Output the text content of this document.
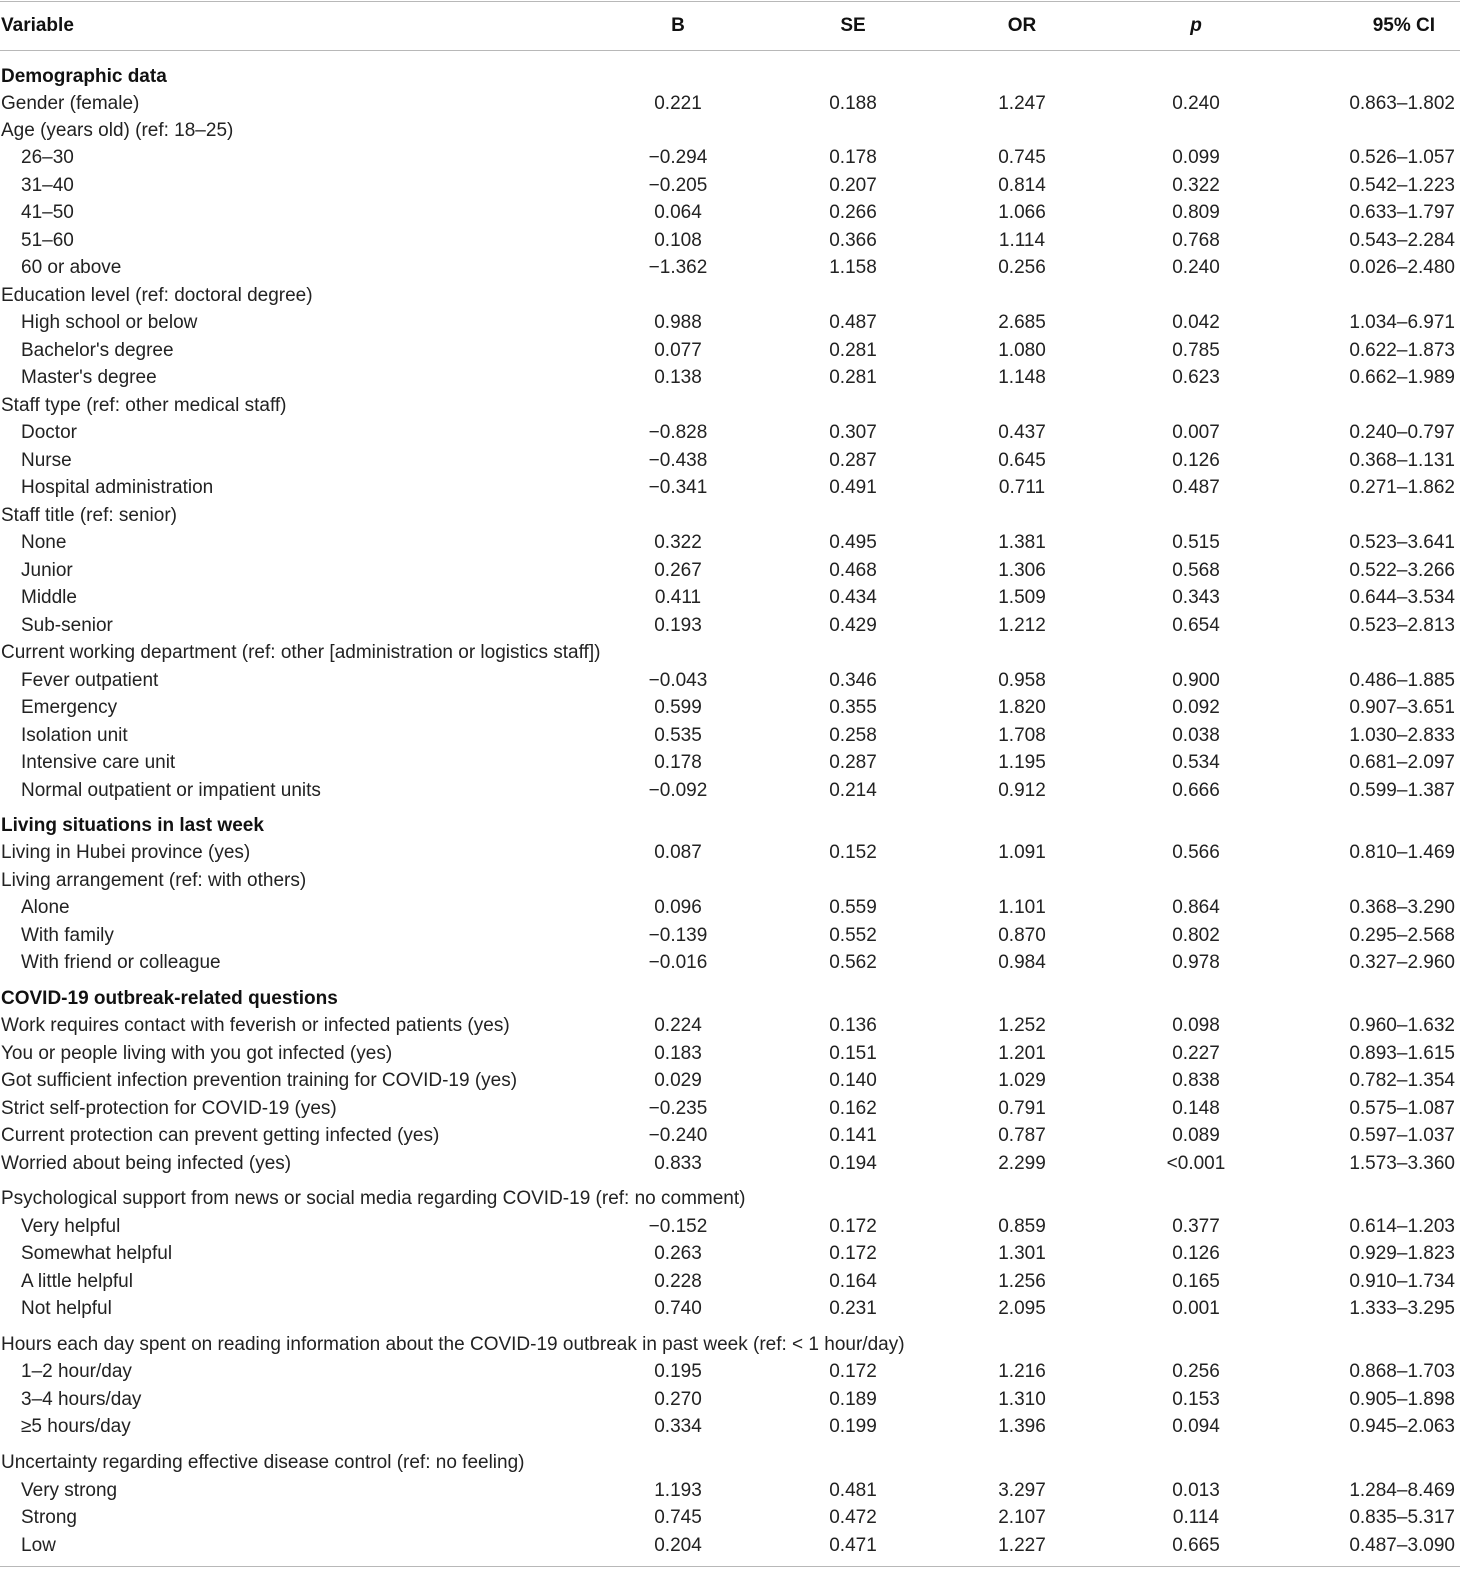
Variable	B	SE	OR	p	95% CI
Demographic data
Gender (female)	0.221	0.188	1.247	0.240	0.863–1.802
Age (years old) (ref: 18–25)
26–30	−0.294	0.178	0.745	0.099	0.526–1.057
31–40	−0.205	0.207	0.814	0.322	0.542–1.223
41–50	0.064	0.266	1.066	0.809	0.633–1.797
51–60	0.108	0.366	1.114	0.768	0.543–2.284
60 or above	−1.362	1.158	0.256	0.240	0.026–2.480
Education level (ref: doctoral degree)
High school or below	0.988	0.487	2.685	0.042	1.034–6.971
Bachelor's degree	0.077	0.281	1.080	0.785	0.622–1.873
Master's degree	0.138	0.281	1.148	0.623	0.662–1.989
Staff type (ref: other medical staff)
Doctor	−0.828	0.307	0.437	0.007	0.240–0.797
Nurse	−0.438	0.287	0.645	0.126	0.368–1.131
Hospital administration	−0.341	0.491	0.711	0.487	0.271–1.862
Staff title (ref: senior)
None	0.322	0.495	1.381	0.515	0.523–3.641
Junior	0.267	0.468	1.306	0.568	0.522–3.266
Middle	0.411	0.434	1.509	0.343	0.644–3.534
Sub-senior	0.193	0.429	1.212	0.654	0.523–2.813
Current working department (ref: other [administration or logistics staff])
Fever outpatient	−0.043	0.346	0.958	0.900	0.486–1.885
Emergency	0.599	0.355	1.820	0.092	0.907–3.651
Isolation unit	0.535	0.258	1.708	0.038	1.030–2.833
Intensive care unit	0.178	0.287	1.195	0.534	0.681–2.097
Normal outpatient or impatient units	−0.092	0.214	0.912	0.666	0.599–1.387
Living situations in last week
Living in Hubei province (yes)	0.087	0.152	1.091	0.566	0.810–1.469
Living arrangement (ref: with others)
Alone	0.096	0.559	1.101	0.864	0.368–3.290
With family	−0.139	0.552	0.870	0.802	0.295–2.568
With friend or colleague	−0.016	0.562	0.984	0.978	0.327–2.960
COVID-19 outbreak-related questions
Work requires contact with feverish or infected patients (yes)	0.224	0.136	1.252	0.098	0.960–1.632
You or people living with you got infected (yes)	0.183	0.151	1.201	0.227	0.893–1.615
Got sufficient infection prevention training for COVID-19 (yes)	0.029	0.140	1.029	0.838	0.782–1.354
Strict self-protection for COVID-19 (yes)	−0.235	0.162	0.791	0.148	0.575–1.087
Current protection can prevent getting infected (yes)	−0.240	0.141	0.787	0.089	0.597–1.037
Worried about being infected (yes)	0.833	0.194	2.299	<0.001	1.573–3.360
Psychological support from news or social media regarding COVID-19 (ref: no comment)
Very helpful	−0.152	0.172	0.859	0.377	0.614–1.203
Somewhat helpful	0.263	0.172	1.301	0.126	0.929–1.823
A little helpful	0.228	0.164	1.256	0.165	0.910–1.734
Not helpful	0.740	0.231	2.095	0.001	1.333–3.295
Hours each day spent on reading information about the COVID-19 outbreak in past week (ref: < 1 hour/day)
1–2 hour/day	0.195	0.172	1.216	0.256	0.868–1.703
3–4 hours/day	0.270	0.189	1.310	0.153	0.905–1.898
≥5 hours/day	0.334	0.199	1.396	0.094	0.945–2.063
Uncertainty regarding effective disease control (ref: no feeling)
Very strong	1.193	0.481	3.297	0.013	1.284–8.469
Strong	0.745	0.472	2.107	0.114	0.835–5.317
Low	0.204	0.471	1.227	0.665	0.487–3.090
